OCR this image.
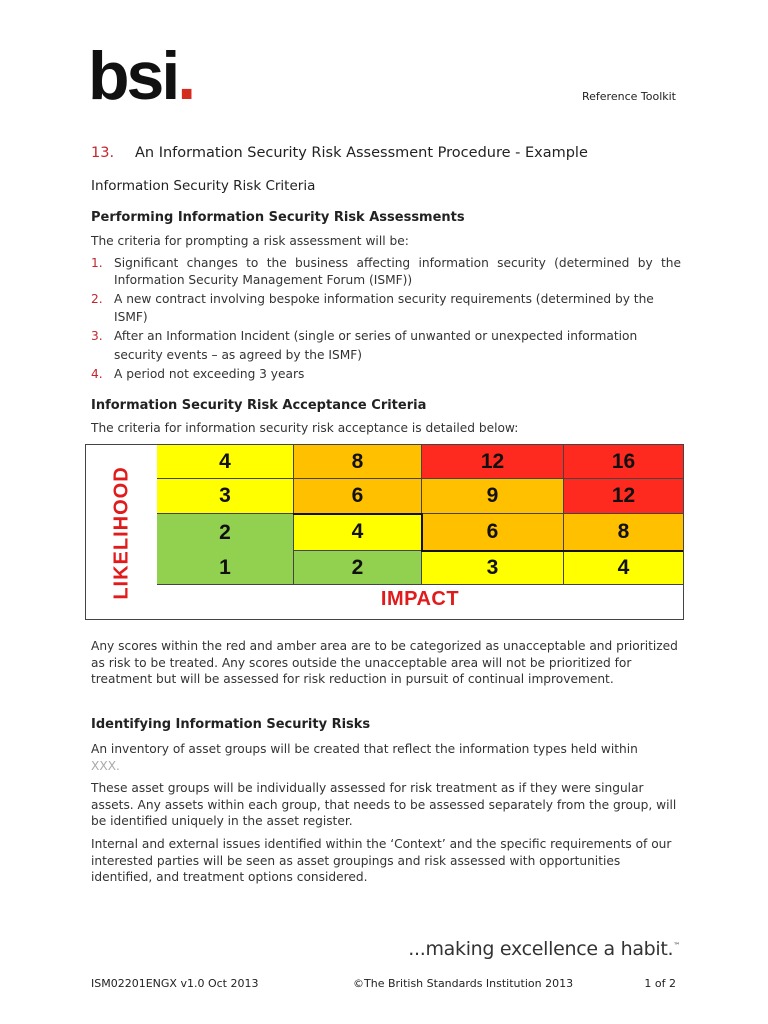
bsi.	Reference Toolkit
13. An Information Security Risk Assessment Procedure - Example
Information Security Risk Criteria
Performing Information Security Risk Assessments
The criteria for prompting a risk assessment will be:
1. Significant changes to the business affecting information security (determined by the Information Security Management Forum (ISMF))
2. A new contract involving bespoke information security requirements (determined by the ISMF)
3. After an Information Incident (single or series of unwanted or unexpected information security events – as agreed by the ISMF)
4. A period not exceeding 3 years
Information Security Risk Acceptance Criteria
The criteria for information security risk acceptance is detailed below:
LIKELIHOOD
4	8	12	16
3	6	9	12
2	4	6	8
1	2	3	4
IMPACT
Any scores within the red and amber area are to be categorized as unacceptable and prioritized as risk to be treated. Any scores outside the unacceptable area will not be prioritized for treatment but will be assessed for risk reduction in pursuit of continual improvement.
Identifying Information Security Risks
An inventory of asset groups will be created that reflect the information types held within
XXX.
These asset groups will be individually assessed for risk treatment as if they were singular assets. Any assets within each group, that needs to be assessed separately from the group, will be identified uniquely in the asset register.
Internal and external issues identified within the ‘Context’ and the specific requirements of our interested parties will be seen as asset groupings and risk assessed with opportunities identified, and treatment options considered.
...making excellence a habit.™
ISM02201ENGX v1.0 Oct 2013	©The British Standards Institution 2013	1 of 2
